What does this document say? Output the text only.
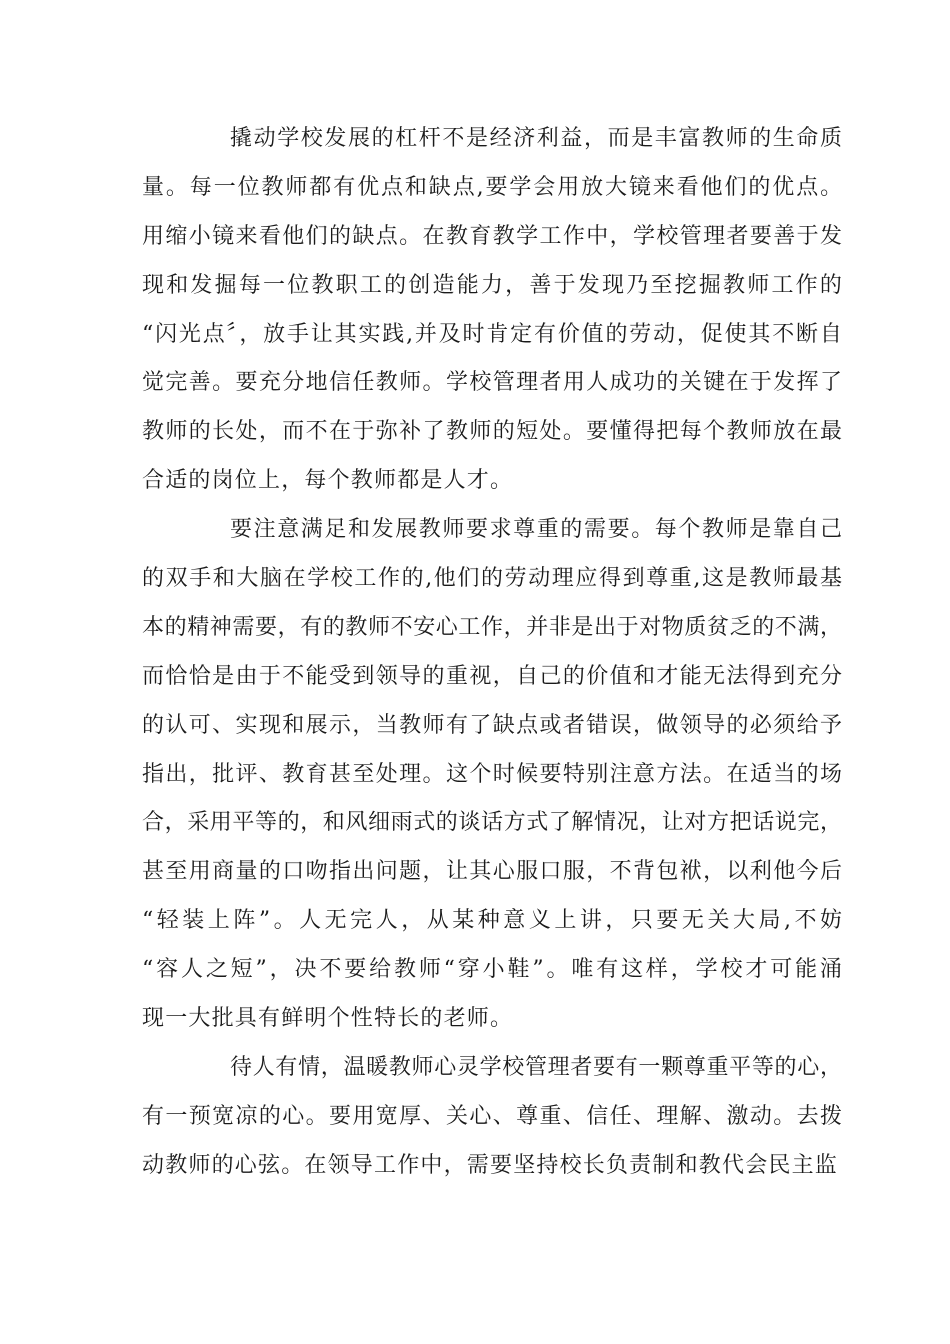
撬动学校发展的杠杆不是经济利益，而是丰富教师的生命质
量。每一位教师都有优点和缺点,要学会用放大镜来看他们的优点。
用缩小镜来看他们的缺点。在教育教学工作中，学校管理者要善于发
现和发掘每一位教职工的创造能力，善于发现乃至挖掘教师工作的
“闪光点〞，放手让其实践,并及时肯定有价值的劳动，促使其不断自
觉完善。要充分地信任教师。学校管理者用人成功的关键在于发挥了
教师的长处，而不在于弥补了教师的短处。要懂得把每个教师放在最
合适的岗位上，每个教师都是人才。
要注意满足和发展教师要求尊重的需要。每个教师是靠自己
的双手和大脑在学校工作的,他们的劳动理应得到尊重,这是教师最基
本的精神需要，有的教师不安心工作，并非是出于对物质贫乏的不满，
而恰恰是由于不能受到领导的重视，自己的价值和才能无法得到充分
的认可、实现和展示，当教师有了缺点或者错误，做领导的必须给予
指出，批评、教育甚至处理。这个时候要特别注意方法。在适当的场
合，采用平等的，和风细雨式的谈话方式了解情况，让对方把话说完，
甚至用商量的口吻指出问题，让其心服口服，不背包袱，以利他今后
“轻装上阵”。人无完人，从某种意义上讲，只要无关大局,不妨
“容人之短”，决不要给教师“穿小鞋”。唯有这样，学校才可能涌
现一大批具有鲜明个性特长的老师。
待人有情，温暖教师心灵学校管理者要有一颗尊重平等的心，
有一预宽凉的心。要用宽厚、关心、尊重、信任、理解、激动。去拨
动教师的心弦。在领导工作中，需要坚持校长负责制和教代会民主监
